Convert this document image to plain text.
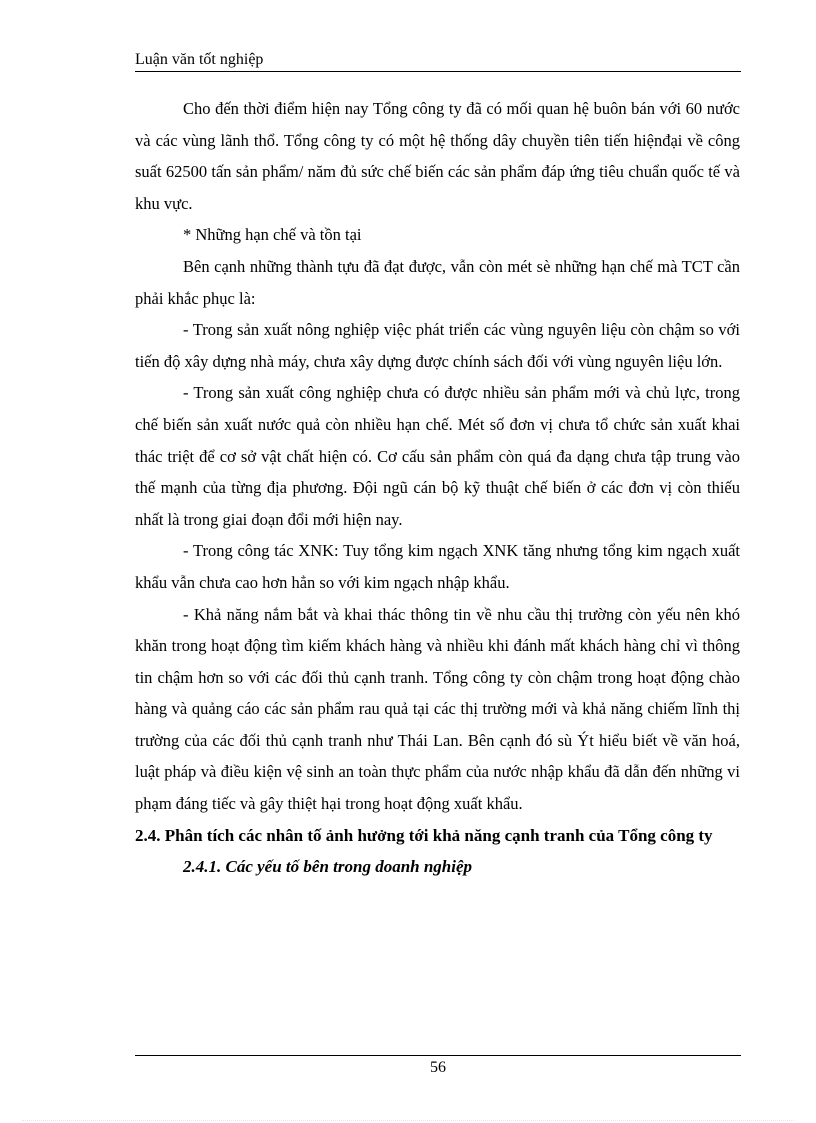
Luận văn tốt nghiệp

Cho đến thời điểm hiện nay Tổng công ty đã có mối quan hệ buôn bán với 60 nước và các vùng lãnh thổ. Tổng công ty có một hệ thống dây chuyền tiên tiến hiệnđại về công suất 62500 tấn sản phẩm/ năm đủ sức chế biến các sản phẩm đáp ứng tiêu chuẩn quốc tế và khu vực.

* Những hạn chế và tồn tại

Bên cạnh những thành tựu đã đạt được, vẫn còn mét sè những hạn chế mà TCT cần phải khắc phục là:

- Trong sản xuất nông nghiệp việc phát triển các vùng nguyên liệu còn chậm so với tiến độ xây dựng nhà máy, chưa xây dựng được chính sách đối với vùng nguyên liệu lớn.

- Trong sản xuất công nghiệp chưa có được nhiều sản phẩm mới và chủ lực, trong chế biến sản xuất nước quả còn nhiều hạn chế. Mét số đơn vị chưa tổ chức sản xuất khai thác triệt để cơ sở vật chất hiện có. Cơ cấu sản phẩm còn quá đa dạng chưa tập trung vào thế mạnh của từng địa phương. Đội ngũ cán bộ kỹ thuật chế biến ở các đơn vị còn thiếu nhất là trong giai đoạn đổi mới hiện nay.

- Trong công tác XNK: Tuy tổng kim ngạch XNK tăng nhưng tổng kim ngạch xuất khẩu vẫn chưa cao hơn hẳn so với kim ngạch nhập khẩu.

- Khả năng nắm bắt và khai thác thông tin về nhu cầu thị trường còn yếu nên khó khăn trong hoạt động tìm kiếm khách hàng và nhiều khi đánh mất khách hàng chỉ vì thông tin chậm hơn so với các đối thủ cạnh tranh. Tổng công ty còn chậm trong hoạt động chào hàng và quảng cáo các sản phẩm rau quả tại các thị trường mới và khả năng chiếm lĩnh thị trường của các đối thủ cạnh tranh như Thái Lan. Bên cạnh đó sù Ýt hiểu biết về văn hoá, luật pháp và điều kiện vệ sinh an toàn thực phẩm của nước nhập khẩu đã dẫn đến những vi phạm đáng tiếc và gây thiệt hại trong hoạt động xuất khẩu.

2.4. Phân tích các nhân tố ảnh hưởng tới khả năng cạnh tranh của Tổng công ty

2.4.1. Các yếu tố bên trong doanh nghiệp

56
